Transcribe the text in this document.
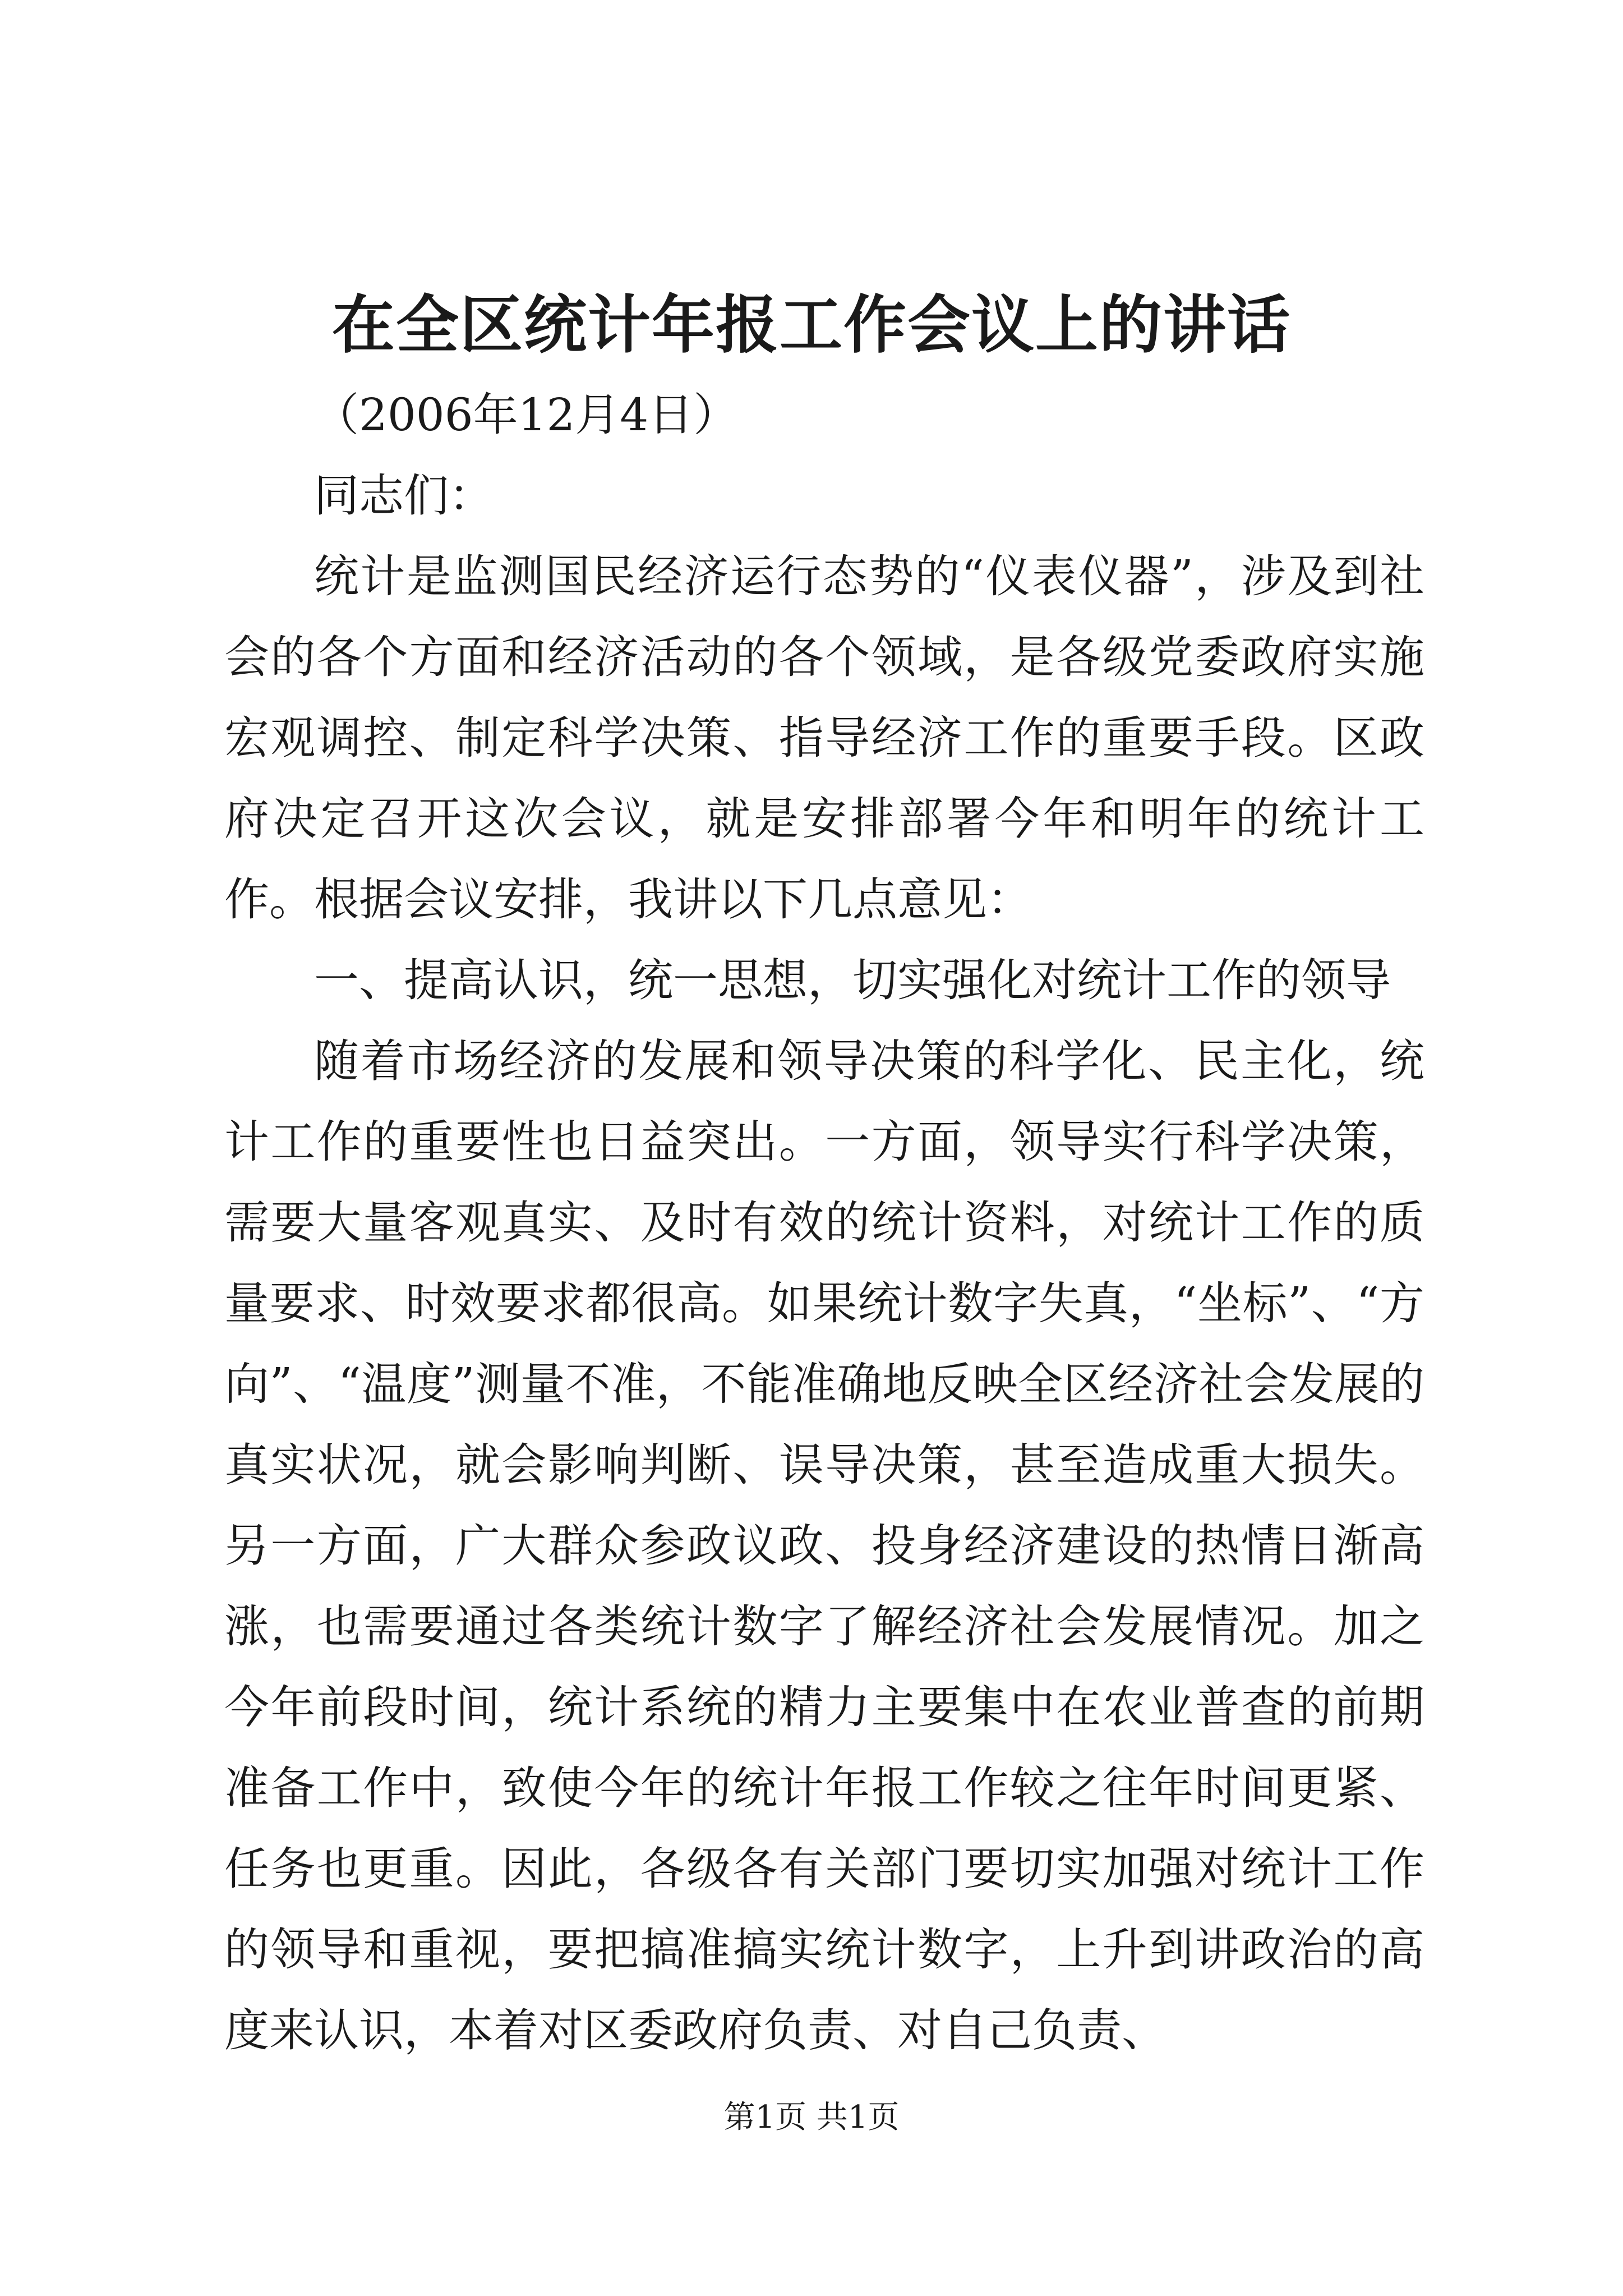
在全区统计年报工作会议上的讲话

（2006年12月4日）

同志们：

统计是监测国民经济运行态势的“仪表仪器”，涉及到社会的各个方面和经济活动的各个领域，是各级党委政府实施宏观调控、制定科学决策、指导经济工作的重要手段。区政府决定召开这次会议，就是安排部署今年和明年的统计工作。根据会议安排，我讲以下几点意见：

一、提高认识，统一思想，切实强化对统计工作的领导

随着市场经济的发展和领导决策的科学化、民主化，统计工作的重要性也日益突出。一方面，领导实行科学决策，需要大量客观真实、及时有效的统计资料，对统计工作的质量要求、时效要求都很高。如果统计数字失真，“坐标”、“方向”、“温度”测量不准，不能准确地反映全区经济社会发展的真实状况，就会影响判断、误导决策，甚至造成重大损失。另一方面，广大群众参政议政、投身经济建设的热情日渐高涨，也需要通过各类统计数字了解经济社会发展情况。加之今年前段时间，统计系统的精力主要集中在农业普查的前期准备工作中，致使今年的统计年报工作较之往年时间更紧、任务也更重。因此，各级各有关部门要切实加强对统计工作的领导和重视，要把搞准搞实统计数字，上升到讲政治的高度来认识，本着对区委政府负责、对自己负责、

第1页 共1页
